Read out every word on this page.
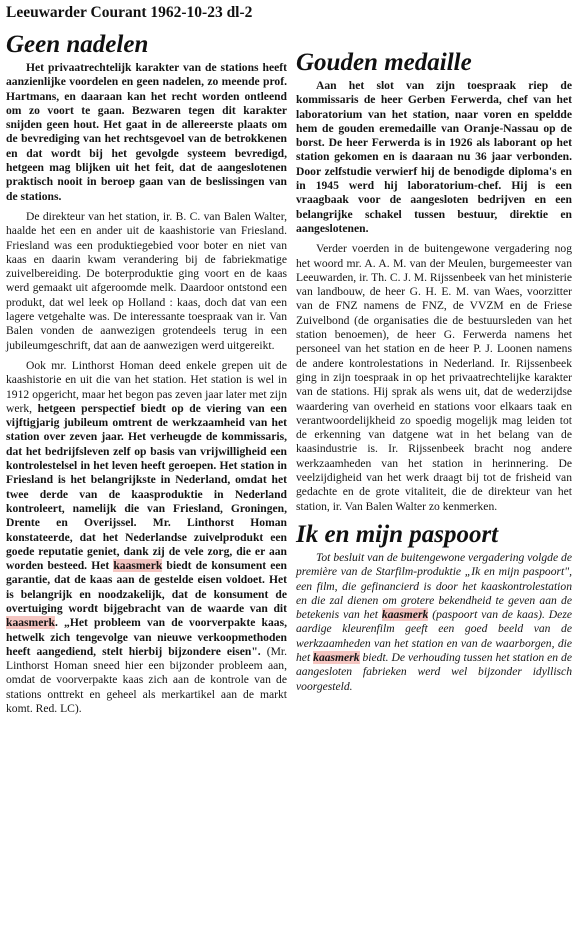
Leeuwarder Courant 1962-10-23 dl-2
Geen nadelen

Het privaatrechtelijk karakter van de stations heeft aanzienlijke voordelen en geen nadelen, zo meende prof. Hartmans, en daaraan kan het recht worden ontleend om zo voort te gaan. Bezwaren tegen dit karakter snijden geen hout. Het gaat in de allereerste plaats om de bevrediging van het rechtsgevoel van de betrokkenen en dat wordt bij het gevolgde systeem bevredigd, hetgeen mag blijken uit het feit, dat de aangeslotenen praktisch nooit in beroep gaan van de beslissingen van de stations.

De direkteur van het station, ir. B. C. van Balen Walter, haalde het een en ander uit de kaashistorie van Friesland. Friesland was een produktiegebied voor boter en niet van kaas en daarin kwam verandering bij de fabriekmatige zuivelbereiding. De boterproduktie ging voort en de kaas werd gemaakt uit afgeroomde melk. Daardoor ontstond een produkt, dat wel leek op Holland : kaas, doch dat van een lagere vetgehalte was. De interessante toespraak van ir. Van Balen vonden de aanwezigen grotendeels terug in een jubileumgeschrift, dat aan de aanwezigen werd uitgereikt.

Ook mr. Linthorst Homan deed enkele grepen uit de kaashistorie en uit die van het station. Het station is wel in 1912 opgericht, maar het begon pas zeven jaar later met zijn werk, hetgeen perspectief biedt op de viering van een vijftigjarig jubileum omtrent de werkzaamheid van het station over zeven jaar. Het verheugde de kommissaris, dat het bedrijfsleven zelf op basis van vrijwilligheid een kontrolestelsel in het leven heeft geroepen. Het station in Friesland is het belangrijkste in Nederland, omdat het twee derde van de kaasproduktie in Nederland kontroleert, namelijk die van Friesland, Groningen, Drente en Overijssel. Mr. Linthorst Homan konstateerde, dat het Nederlandse zuivelprodukt een goede reputatie geniet, dank zij de vele zorg, die er aan worden besteed. Het kaasmerk biedt de konsument een garantie, dat de kaas aan de gestelde eisen voldoet. Het is belangrijk en noodzakelijk, dat de konsument de overtuiging wordt bijgebracht van de waarde van dit kaasmerk. „Het probleem van de voorverpakte kaas, hetwelk zich tengevolge van nieuwe verkoopmethoden heeft aangediend, stelt hierbij bijzondere eisen". (Mr. Linthorst Homan sneed hier een bijzonder probleem aan, omdat de voorverpakte kaas zich aan de kontrole van de stations onttrekt en geheel als merkartikel aan de markt komt. Red. LC).

Gouden medaille

Aan het slot van zijn toespraak riep de kommissaris de heer Gerben Ferwerda, chef van het laboratorium van het station, naar voren en speldde hem de gouden eremedaille van Oranje-Nassau op de borst. De heer Ferwerda is in 1926 als laborant op het station gekomen en is daaraan nu 36 jaar verbonden. Door zelfstudie verwierf hij de benodigde diploma's en in 1945 werd hij laboratorium-chef. Hij is een vraagbaak voor de aangesloten bedrijven en een belangrijke schakel tussen bestuur, direktie en aangeslotenen.

Verder voerden in de buitengewone vergadering nog het woord mr. A. A. M. van der Meulen, burgemeester van Leeuwarden, ir. Th. C. J. M. Rijssenbeek van het ministerie van landbouw, de heer G. H. E. M. van Waes, voorzitter van de FNZ namens de FNZ, de VVZM en de Friese Zuivelbond (de organisaties die de bestuursleden van het station benoemen), de heer G. Ferwerda namens het personeel van het station en de heer P. J. Loonen namens de andere kontrolestations in Nederland. Ir. Rijssenbeek ging in zijn toespraak in op het privaatrechtelijke karakter van de stations. Hij sprak als wens uit, dat de wederzijdse waardering van overheid en stations voor elkaars taak en verantwoordelijkheid zo spoedig mogelijk mag leiden tot de erkenning van datgene wat in het belang van de kaasindustrie is. Ir. Rijssenbeek bracht nog andere werkzaamheden van het station in herinnering. De veelzijdigheid van het werk draagt bij tot de frisheid van gedachte en de grote vitaliteit, die de direkteur van het station, ir. Van Balen Walter zo kenmerken.

Ik en mijn paspoort

Tot besluit van de buitengewone vergadering volgde de première van de Starfilm-produktie „Ik en mijn paspoort", een film, die gefinancierd is door het kaaskontrolestation en die zal dienen om grotere bekendheid te geven aan de betekenis van het kaasmerk (paspoort van de kaas). Deze aardige kleurenfilm geeft een goed beeld van de werkzaamheden van het station en van de waarborgen, die het kaasmerk biedt. De verhouding tussen het station en de aangesloten fabrieken werd wel bijzonder idyllisch voorgesteld.
